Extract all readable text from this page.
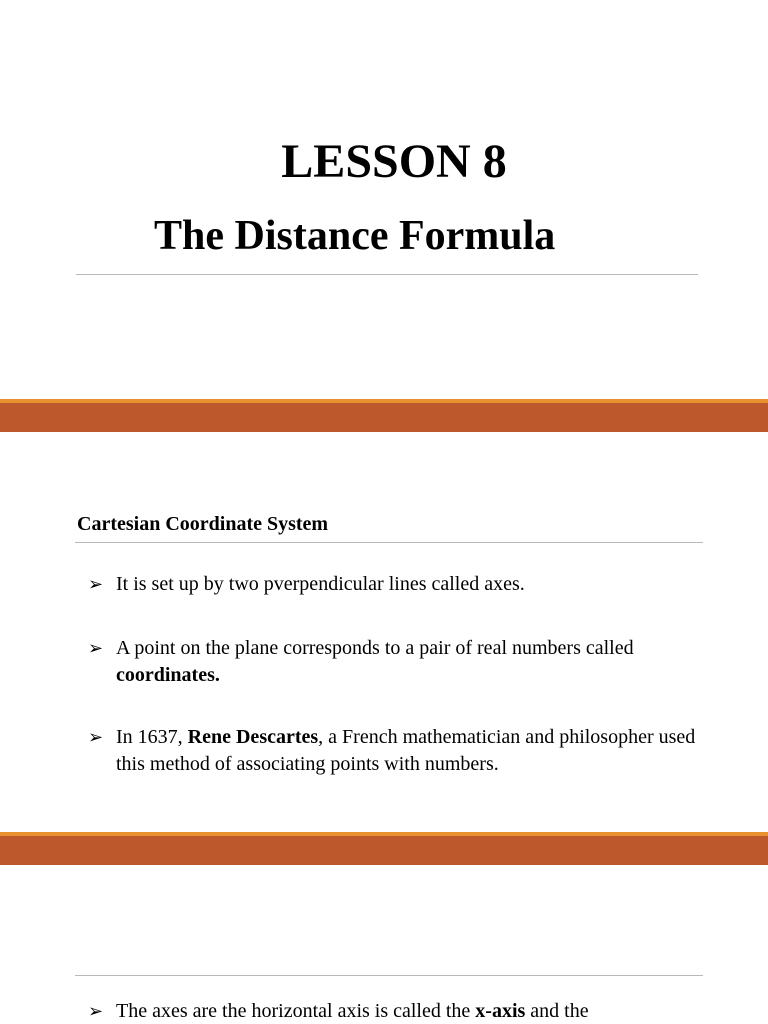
LESSON 8
The Distance Formula
Cartesian Coordinate System
➢ It is set up by two pverpendicular lines called axes.
➢ A point on the plane corresponds to a pair of real numbers called
coordinates.
➢ In 1637, Rene Descartes, a French mathematician and philosopher used this method of associating points with numbers.
➢ The axes are the horizontal axis is called the x-axis and the
